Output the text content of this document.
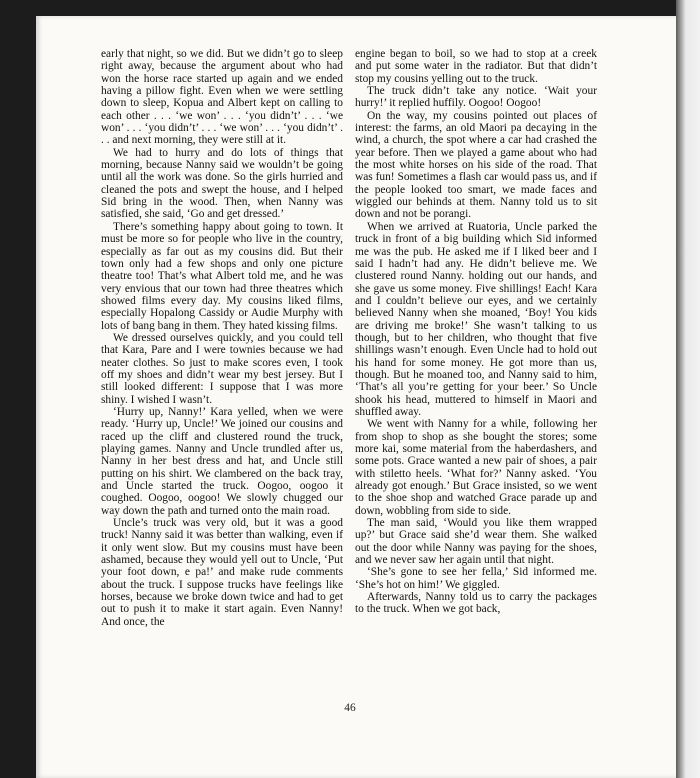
early that night, so we did. But we didn’t go to sleep right away, because the argument about who had won the horse race started up again and we ended having a pillow fight. Even when we were settling down to sleep, Kopua and Albert kept on calling to each other . . . ‘we won’ . . . ‘you didn’t’ . . . ‘we won’ . . . ‘you didn’t’ . . . ‘we won’ . . . ‘you didn’t’ . . . and next morning, they were still at it.

We had to hurry and do lots of things that morning, because Nanny said we wouldn’t be going until all the work was done. So the girls hurried and cleaned the pots and swept the house, and I helped Sid bring in the wood. Then, when Nanny was satisfied, she said, ‘Go and get dressed.’

There’s something happy about going to town. It must be more so for people who live in the country, especially as far out as my cousins did. But their town only had a few shops and only one picture theatre too! That’s what Albert told me, and he was very envious that our town had three theatres which showed films every day. My cousins liked films, especially Hopalong Cassidy or Audie Murphy with lots of bang bang in them. They hated kissing films.

We dressed ourselves quickly, and you could tell that Kara, Pare and I were townies because we had neater clothes. So just to make scores even, I took off my shoes and didn’t wear my best jersey. But I still looked different: I suppose that I was more shiny. I wished I wasn’t.

‘Hurry up, Nanny!’ Kara yelled, when we were ready. ‘Hurry up, Uncle!’ We joined our cousins and raced up the cliff and clustered round the truck, playing games. Nanny and Uncle trundled after us, Nanny in her best dress and hat, and Uncle still putting on his shirt. We clambered on the back tray, and Uncle started the truck. Oogoo, oogoo it coughed. Oogoo, oogoo! We slowly chugged our way down the path and turned onto the main road.

Uncle’s truck was very old, but it was a good truck! Nanny said it was better than walking, even if it only went slow. But my cousins must have been ashamed, because they would yell out to Uncle, ‘Put your foot down, e pa!’ and make rude comments about the truck. I suppose trucks have feelings like horses, because we broke down twice and had to get out to push it to make it start again. Even Nanny! And once, the

engine began to boil, so we had to stop at a creek and put some water in the radiator. But that didn’t stop my cousins yelling out to the truck.

The truck didn’t take any notice. ‘Wait your hurry!’ it replied huffily. Oogoo! Oogoo!

On the way, my cousins pointed out places of interest: the farms, an old Maori pa decaying in the wind, a church, the spot where a car had crashed the year before. Then we played a game about who had the most white horses on his side of the road. That was fun! Sometimes a flash car would pass us, and if the people looked too smart, we made faces and wiggled our behinds at them. Nanny told us to sit down and not be porangi.

When we arrived at Ruatoria, Uncle parked the truck in front of a big building which Sid informed me was the pub. He asked me if I liked beer and I said I hadn’t had any. He didn’t believe me. We clustered round Nanny. holding out our hands, and she gave us some money. Five shillings! Each! Kara and I couldn’t believe our eyes, and we certainly believed Nanny when she moaned, ‘Boy! You kids are driving me broke!’ She wasn’t talking to us though, but to her children, who thought that five shillings wasn’t enough. Even Uncle had to hold out his hand for some money. He got more than us, though. But he moaned too, and Nanny said to him, ‘That’s all you’re getting for your beer.’ So Uncle shook his head, muttered to himself in Maori and shuffled away.

We went with Nanny for a while, following her from shop to shop as she bought the stores; some more kai, some material from the haberdashers, and some pots. Grace wanted a new pair of shoes, a pair with stiletto heels. ‘What for?’ Nanny asked. ‘You already got enough.’ But Grace insisted, so we went to the shoe shop and watched Grace parade up and down, wobbling from side to side.

The man said, ‘Would you like them wrapped up?’ but Grace said she’d wear them. She walked out the door while Nanny was paying for the shoes, and we never saw her again until that night.

‘She’s gone to see her fella,’ Sid informed me. ‘She’s hot on him!’ We giggled.

Afterwards, Nanny told us to carry the packages to the truck. When we got back,

46
